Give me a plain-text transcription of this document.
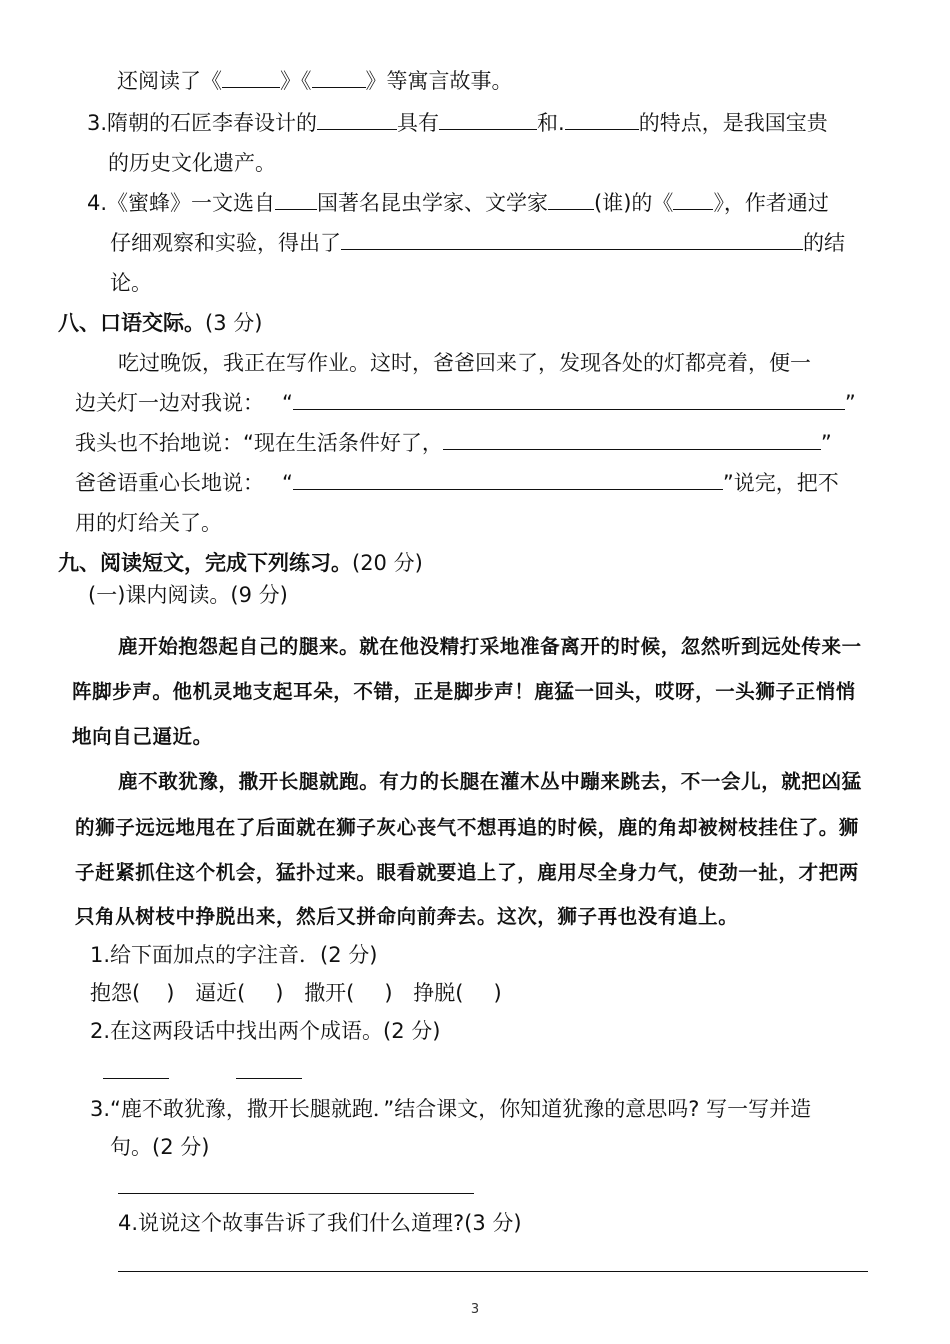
还阅读了《	》《	》等寓言故事。
3.隋朝的石匠李春设计的	具有	和.	的特点，是我国宝贵
的历史文化遗产。
4.《蜜蜂》一文选自 国著名昆虫学家、文学家 (谁)的《 》，作者通过
仔细观察和实验，得出了	的结
论。
八、口语交际。(3 分)
吃过晚饭，我正在写作业。这时，爸爸回来了，发现各处的灯都亮着，便一
边关灯一边对我说： “	”
我头也不抬地说：“现在生活条件好了，	”
爸爸语重心长地说： “	”说完，把不
用的灯给关了。
九、阅读短文，完成下列练习。(20 分)
(一)课内阅读。(9 分)
鹿开始抱怨起自己的腿来。就在他没精打采地准备离开的时候，忽然听到远处传来一
阵脚步声。他机灵地支起耳朵，不错，正是脚步声！鹿猛一回头，哎呀，一头狮子正悄悄
地向自己逼近。
鹿不敢犹豫，撒开长腿就跑。有力的长腿在灌木丛中蹦来跳去，不一会儿，就把凶猛
的狮子远远地甩在了后面就在狮子灰心丧气不想再追的时候，鹿的角却被树枝挂住了。狮
子赶紧抓住这个机会，猛扑过来。眼看就要追上了，鹿用尽全身力气，使劲一扯，才把两
只角从树枝中挣脱出来，然后又拼命向前奔去。这次，狮子再也没有追上。
1.给下面加点的字注音．(2 分)
抱怨( ) 逼近( ) 撒开( ) 挣脱( )
2.在这两段话中找出两个成语。(2 分)
3.“鹿不敢犹豫，撒开长腿就跑．”结合课文，你知道犹豫的意思吗? 写一写并造
句。(2 分)
4.说说这个故事告诉了我们什么道理?(3 分)
3
